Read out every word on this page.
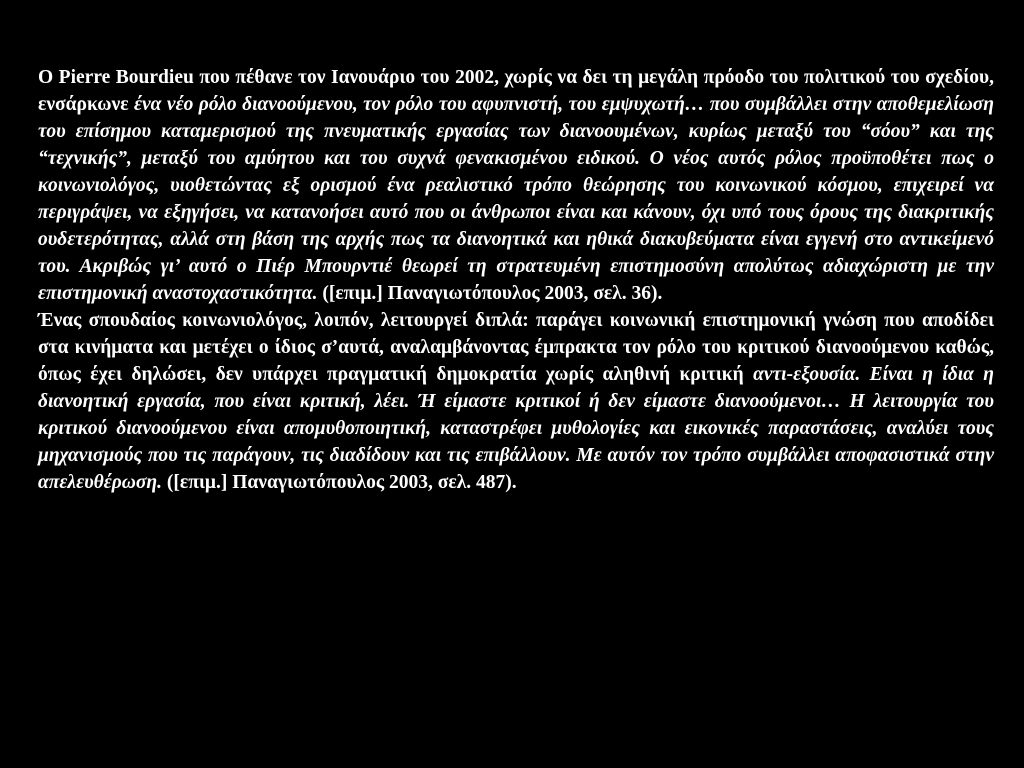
Ο Pierre Bourdieu που πέθανε τον Ιανουάριο του 2002, χωρίς να δει τη μεγάλη πρόοδο του πολιτικού του σχεδίου, ενσάρκωνε ένα νέο ρόλο διανοούμενου, τον ρόλο του αφυπνιστή, του εμψυχωτή… που συμβάλλει στην αποθεμελίωση του επίσημου καταμερισμού της πνευματικής εργασίας των διανοουμένων, κυρίως μεταξύ του “σόου” και της “τεχνικής”, μεταξύ του αμύητου και του συχνά φενακισμένου ειδικού. Ο νέος αυτός ρόλος προϋποθέτει πως ο κοινωνιολόγος, υιοθετώντας εξ ορισμού ένα ρεαλιστικό τρόπο θεώρησης του κοινωνικού κόσμου, επιχειρεί να περιγράψει, να εξηγήσει, να κατανοήσει αυτό που οι άνθρωποι είναι και κάνουν, όχι υπό τους όρους της διακριτικής ουδετερότητας, αλλά στη βάση της αρχής πως τα διανοητικά και ηθικά διακυβεύματα είναι εγγενή στο αντικείμενό του. Ακριβώς γι’ αυτό ο Πιέρ Μπουρντιέ θεωρεί τη στρατευμένη επιστημοσύνη απολύτως αδιαχώριστη με την επιστημονική αναστοχαστικότητα. ([επιμ.] Παναγιωτόπουλος 2003, σελ. 36).

Ένας σπουδαίος κοινωνιολόγος, λοιπόν, λειτουργεί διπλά: παράγει κοινωνική επιστημονική γνώση που αποδίδει στα κινήματα και μετέχει ο ίδιος σ’αυτά, αναλαμβάνοντας έμπρακτα τον ρόλο του κριτικού διανοούμενου καθώς, όπως έχει δηλώσει, δεν υπάρχει πραγματική δημοκρατία χωρίς αληθινή κριτική αντι-εξουσία. Είναι η ίδια η διανοητική εργασία, που είναι κριτική, λέει. Ή είμαστε κριτικοί ή δεν είμαστε διανοούμενοι… Η λειτουργία του κριτικού διανοούμενου είναι απομυθοποιητική, καταστρέφει μυθολογίες και εικονικές παραστάσεις, αναλύει τους μηχανισμούς που τις παράγουν, τις διαδίδουν και τις επιβάλλουν. Με αυτόν τον τρόπο συμβάλλει αποφασιστικά στην απελευθέρωση. ([επιμ.] Παναγιωτόπουλος 2003, σελ. 487).
